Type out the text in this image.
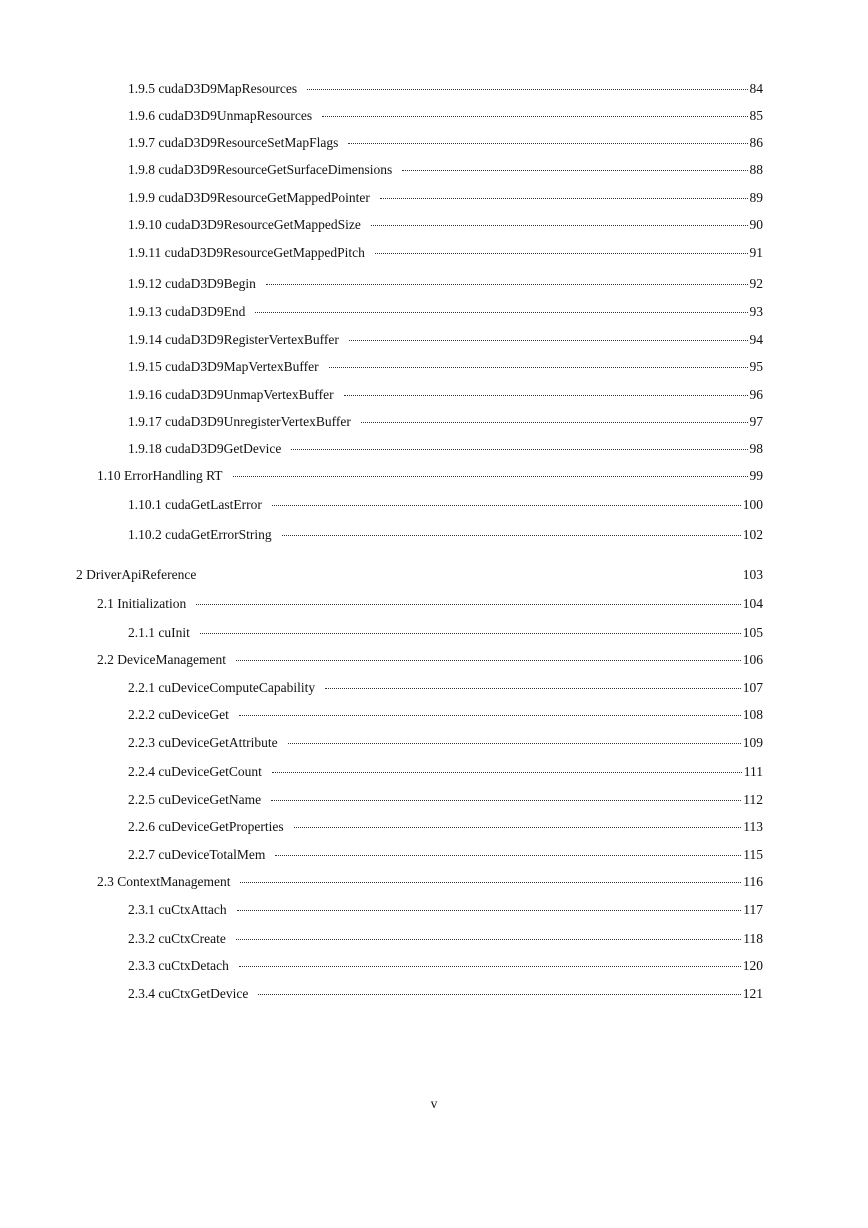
1.9.5 cudaD3D9MapResources	84
1.9.6 cudaD3D9UnmapResources	85
1.9.7 cudaD3D9ResourceSetMapFlags	86
1.9.8 cudaD3D9ResourceGetSurfaceDimensions	88
1.9.9 cudaD3D9ResourceGetMappedPointer	89
1.9.10 cudaD3D9ResourceGetMappedSize	90
1.9.11 cudaD3D9ResourceGetMappedPitch	91
1.9.12 cudaD3D9Begin	92
1.9.13 cudaD3D9End	93
1.9.14 cudaD3D9RegisterVertexBuffer	94
1.9.15 cudaD3D9MapVertexBuffer	95
1.9.16 cudaD3D9UnmapVertexBuffer	96
1.9.17 cudaD3D9UnregisterVertexBuffer	97
1.9.18 cudaD3D9GetDevice	98
1.10 ErrorHandling RT	99
1.10.1 cudaGetLastError	100
1.10.2 cudaGetErrorString	102
2 DriverApiReference	103
2.1 Initialization	104
2.1.1 cuInit	105
2.2 DeviceManagement	106
2.2.1 cuDeviceComputeCapability	107
2.2.2 cuDeviceGet	108
2.2.3 cuDeviceGetAttribute	109
2.2.4 cuDeviceGetCount	111
2.2.5 cuDeviceGetName	112
2.2.6 cuDeviceGetProperties	113
2.2.7 cuDeviceTotalMem	115
2.3 ContextManagement	116
2.3.1 cuCtxAttach	117
2.3.2 cuCtxCreate	118
2.3.3 cuCtxDetach	120
2.3.4 cuCtxGetDevice	121
v
